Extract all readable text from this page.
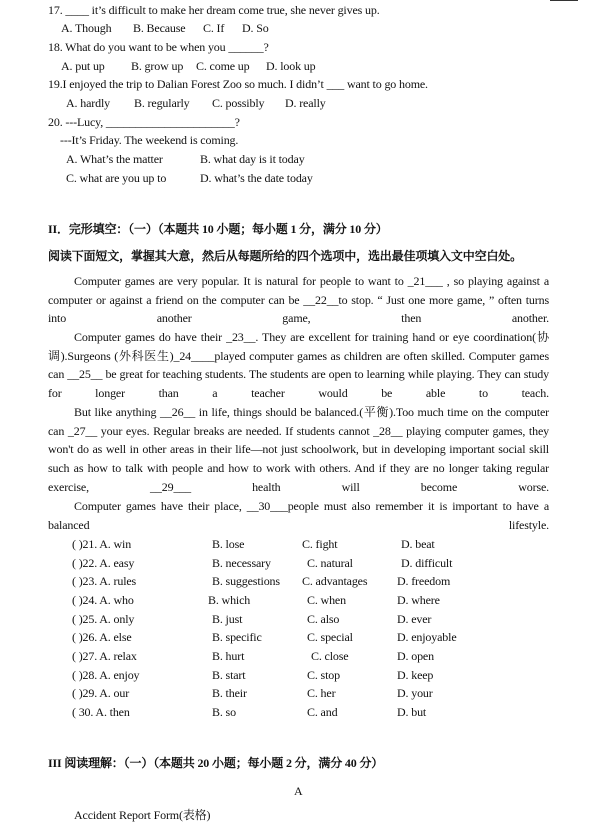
17. ____ it’s difficult to make her dream come true, she never gives up.
A. Though B. Because C. If D. So
18. What do you want to be when you ______?
A. put up B. grow up C. come up D. look up
19.I enjoyed the trip to Dalian Forest Zoo so much. I didn’t ___ want to go home.
A. hardly B. regularly C. possibly D. really
20. ---Lucy, ______________________?
---It’s Friday. The weekend is coming.
A. What’s the matter	B. what day is it today
C. what are you up to	D. what’s the date today
II．完形填空：（一）（本题共 10 小题；每小题 1 分，满分 10 分）
阅读下面短文，掌握其大意，然后从每题所给的四个选项中，选出最佳项填入文中空白处。
Computer games are very popular. It is natural for people to want to _21___ , so playing against a computer or against a friend on the computer can be __22__to stop. “ Just one more game, ” often turns into another game, then another.
Computer games do have their _23__. They are excellent for training hand or eye coordination(协调).Surgeons (外科医生)_24____played computer games as children are often skilled. Computer games can __25__ be great for teaching students. The students are open to learning while playing. They can study for longer than a teacher would be able to teach.
But like anything __26__ in life, things should be balanced.(平衡).Too much time on the computer can _27__ your eyes. Regular breaks are needed. If students cannot _28__ playing computer games, they won't do as well in other areas in their life—not just schoolwork, but in developing important social skill such as how to talk with people and how to work with others. And if they are no longer taking regular exercise, __29___ health will become worse.
Computer games have their place, __30___people must also remember it is important to have a balanced lifestyle.
( )21. A. win	B. lose	C. fight	D. beat
( )22. A. easy	B. necessary	C. natural	D. difficult
( )23. A. rules	B. suggestions C. advantages D. freedom
( )24. A. who	B. which	C. when	D. where
( )25. A. only	B. just	C. also	D. ever
( )26. A. else	B. specific	C. special	D. enjoyable
( )27. A. relax	B. hurt	C. close	D. open
( )28. A. enjoy	B. start	C. stop	D. keep
( )29. A. our	B. their	C. her	D. your
( 30. A. then	B. so	C. and	D. but
III 阅读理解：（一）（本题共 20 小题；每小题 2 分，满分 40 分）
A
Accident Report Form(表格)
